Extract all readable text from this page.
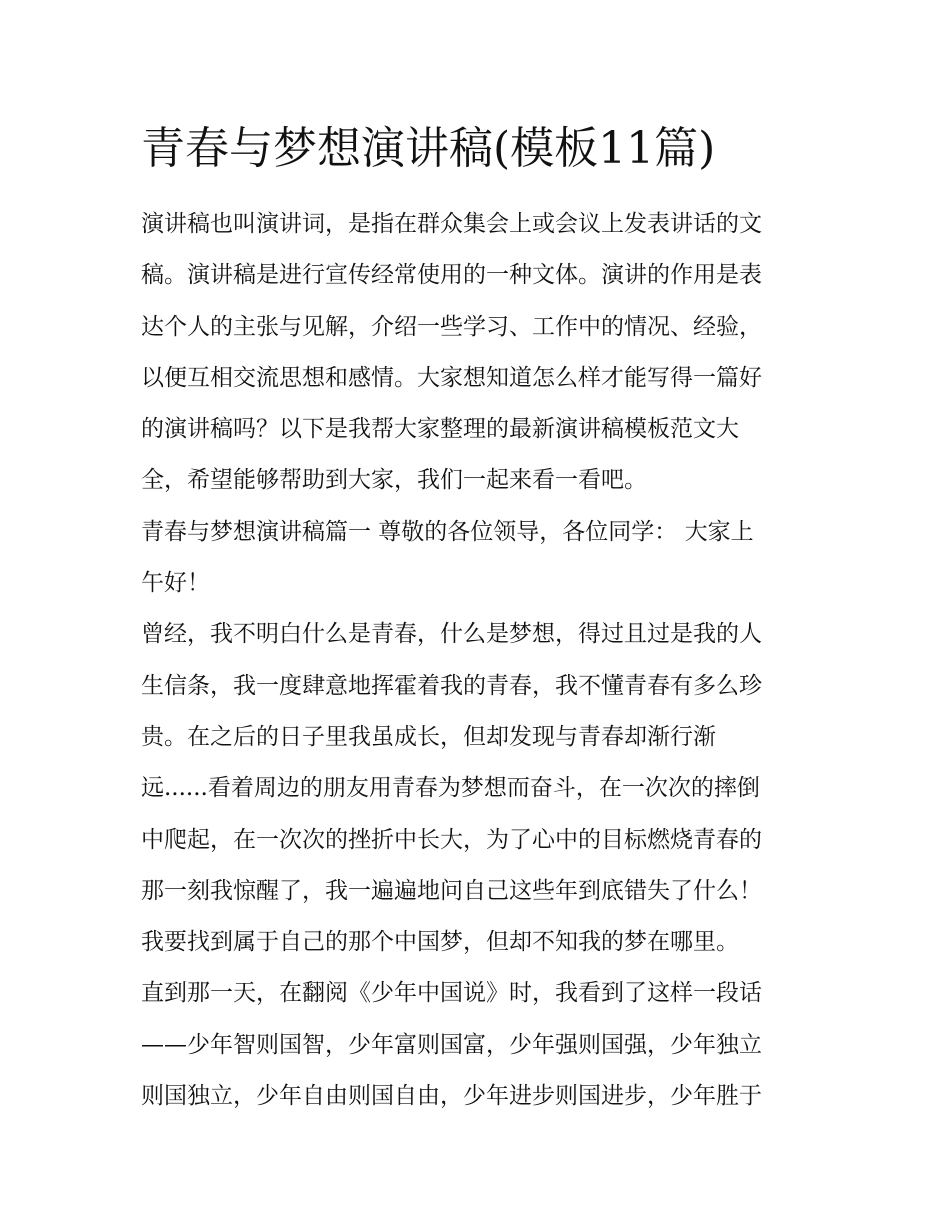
青春与梦想演讲稿(模板11篇)
演讲稿也叫演讲词，是指在群众集会上或会议上发表讲话的文
稿。演讲稿是进行宣传经常使用的一种文体。演讲的作用是表
达个人的主张与见解，介绍一些学习、工作中的情况、经验，
以便互相交流思想和感情。大家想知道怎么样才能写得一篇好
的演讲稿吗？以下是我帮大家整理的最新演讲稿模板范文大
全，希望能够帮助到大家，我们一起来看一看吧。
青春与梦想演讲稿篇一 尊敬的各位领导，各位同学： 大家上
午好！
曾经，我不明白什么是青春，什么是梦想，得过且过是我的人
生信条，我一度肆意地挥霍着我的青春，我不懂青春有多么珍
贵。在之后的日子里我虽成长，但却发现与青春却渐行渐
远......看着周边的朋友用青春为梦想而奋斗，在一次次的摔倒
中爬起，在一次次的挫折中长大，为了心中的目标燃烧青春的
那一刻我惊醒了，我一遍遍地问自己这些年到底错失了什么！
我要找到属于自己的那个中国梦，但却不知我的梦在哪里。
直到那一天，在翻阅《少年中国说》时，我看到了这样一段话
——少年智则国智，少年富则国富，少年强则国强，少年独立
则国独立，少年自由则国自由，少年进步则国进步，少年胜于
